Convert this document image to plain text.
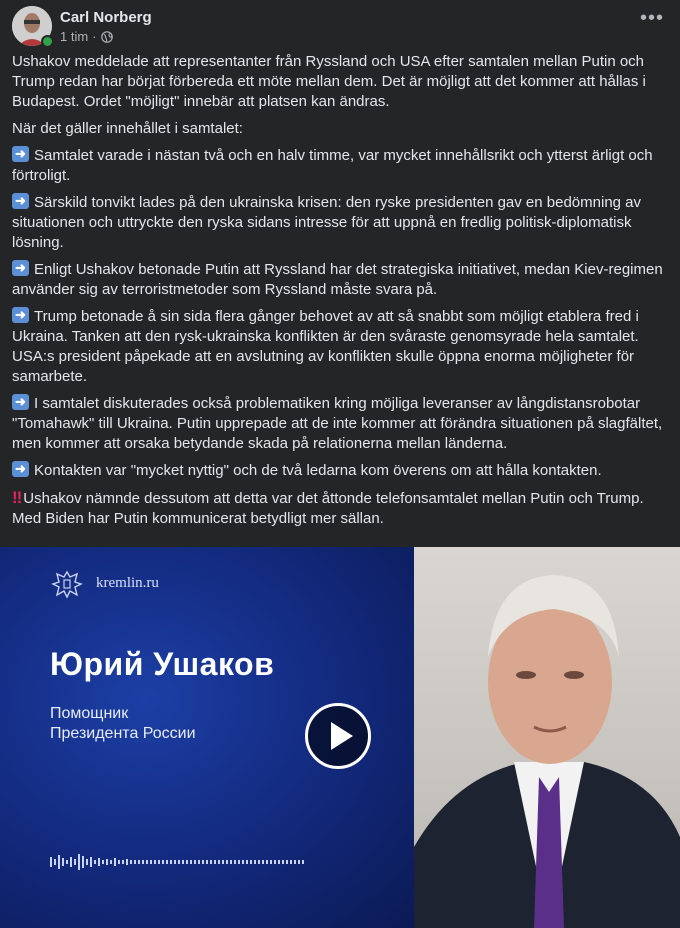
Carl Norberg
1 tim ·
•••

Ushakov meddelade att representanter från Ryssland och USA efter samtalen mellan Putin och Trump redan har börjat förbereda ett möte mellan dem. Det är möjligt att det kommer att hållas i Budapest. Ordet "möjligt" innebär att platsen kan ändras.

När det gäller innehållet i samtalet:

➜Samtalet varade i nästan två och en halv timme, var mycket innehållsrikt och ytterst ärligt och förtroligt.

➜Särskild tonvikt lades på den ukrainska krisen: den ryske presidenten gav en bedömning av situationen och uttryckte den ryska sidans intresse för att uppnå en fredlig politisk-diplomatisk lösning.

➜Enligt Ushakov betonade Putin att Ryssland har det strategiska initiativet, medan Kiev-regimen använder sig av terroristmetoder som Ryssland måste svara på.

➜Trump betonade å sin sida flera gånger behovet av att så snabbt som möjligt etablera fred i Ukraina. Tanken att den rysk-ukrainska konflikten är den svåraste genomsyrade hela samtalet. USA:s president påpekade att en avslutning av konflikten skulle öppna enorma möjligheter för samarbete.

➜I samtalet diskuterades också problematiken kring möjliga leveranser av långdistansrobotar "Tomahawk" till Ukraina. Putin upprepade att de inte kommer att förändra situationen på slagfältet, men kommer att orsaka betydande skada på relationerna mellan länderna.

➜Kontakten var "mycket nyttig" och de två ledarna kom överens om att hålla kontakten.

‼ Ushakov nämnde dessutom att detta var det åttonde telefonsamtalet mellan Putin och Trump. Med Biden har Putin kommunicerat betydligt mer sällan.

kremlin.ru
Юрий Ушаков
Помощник
Президента России
